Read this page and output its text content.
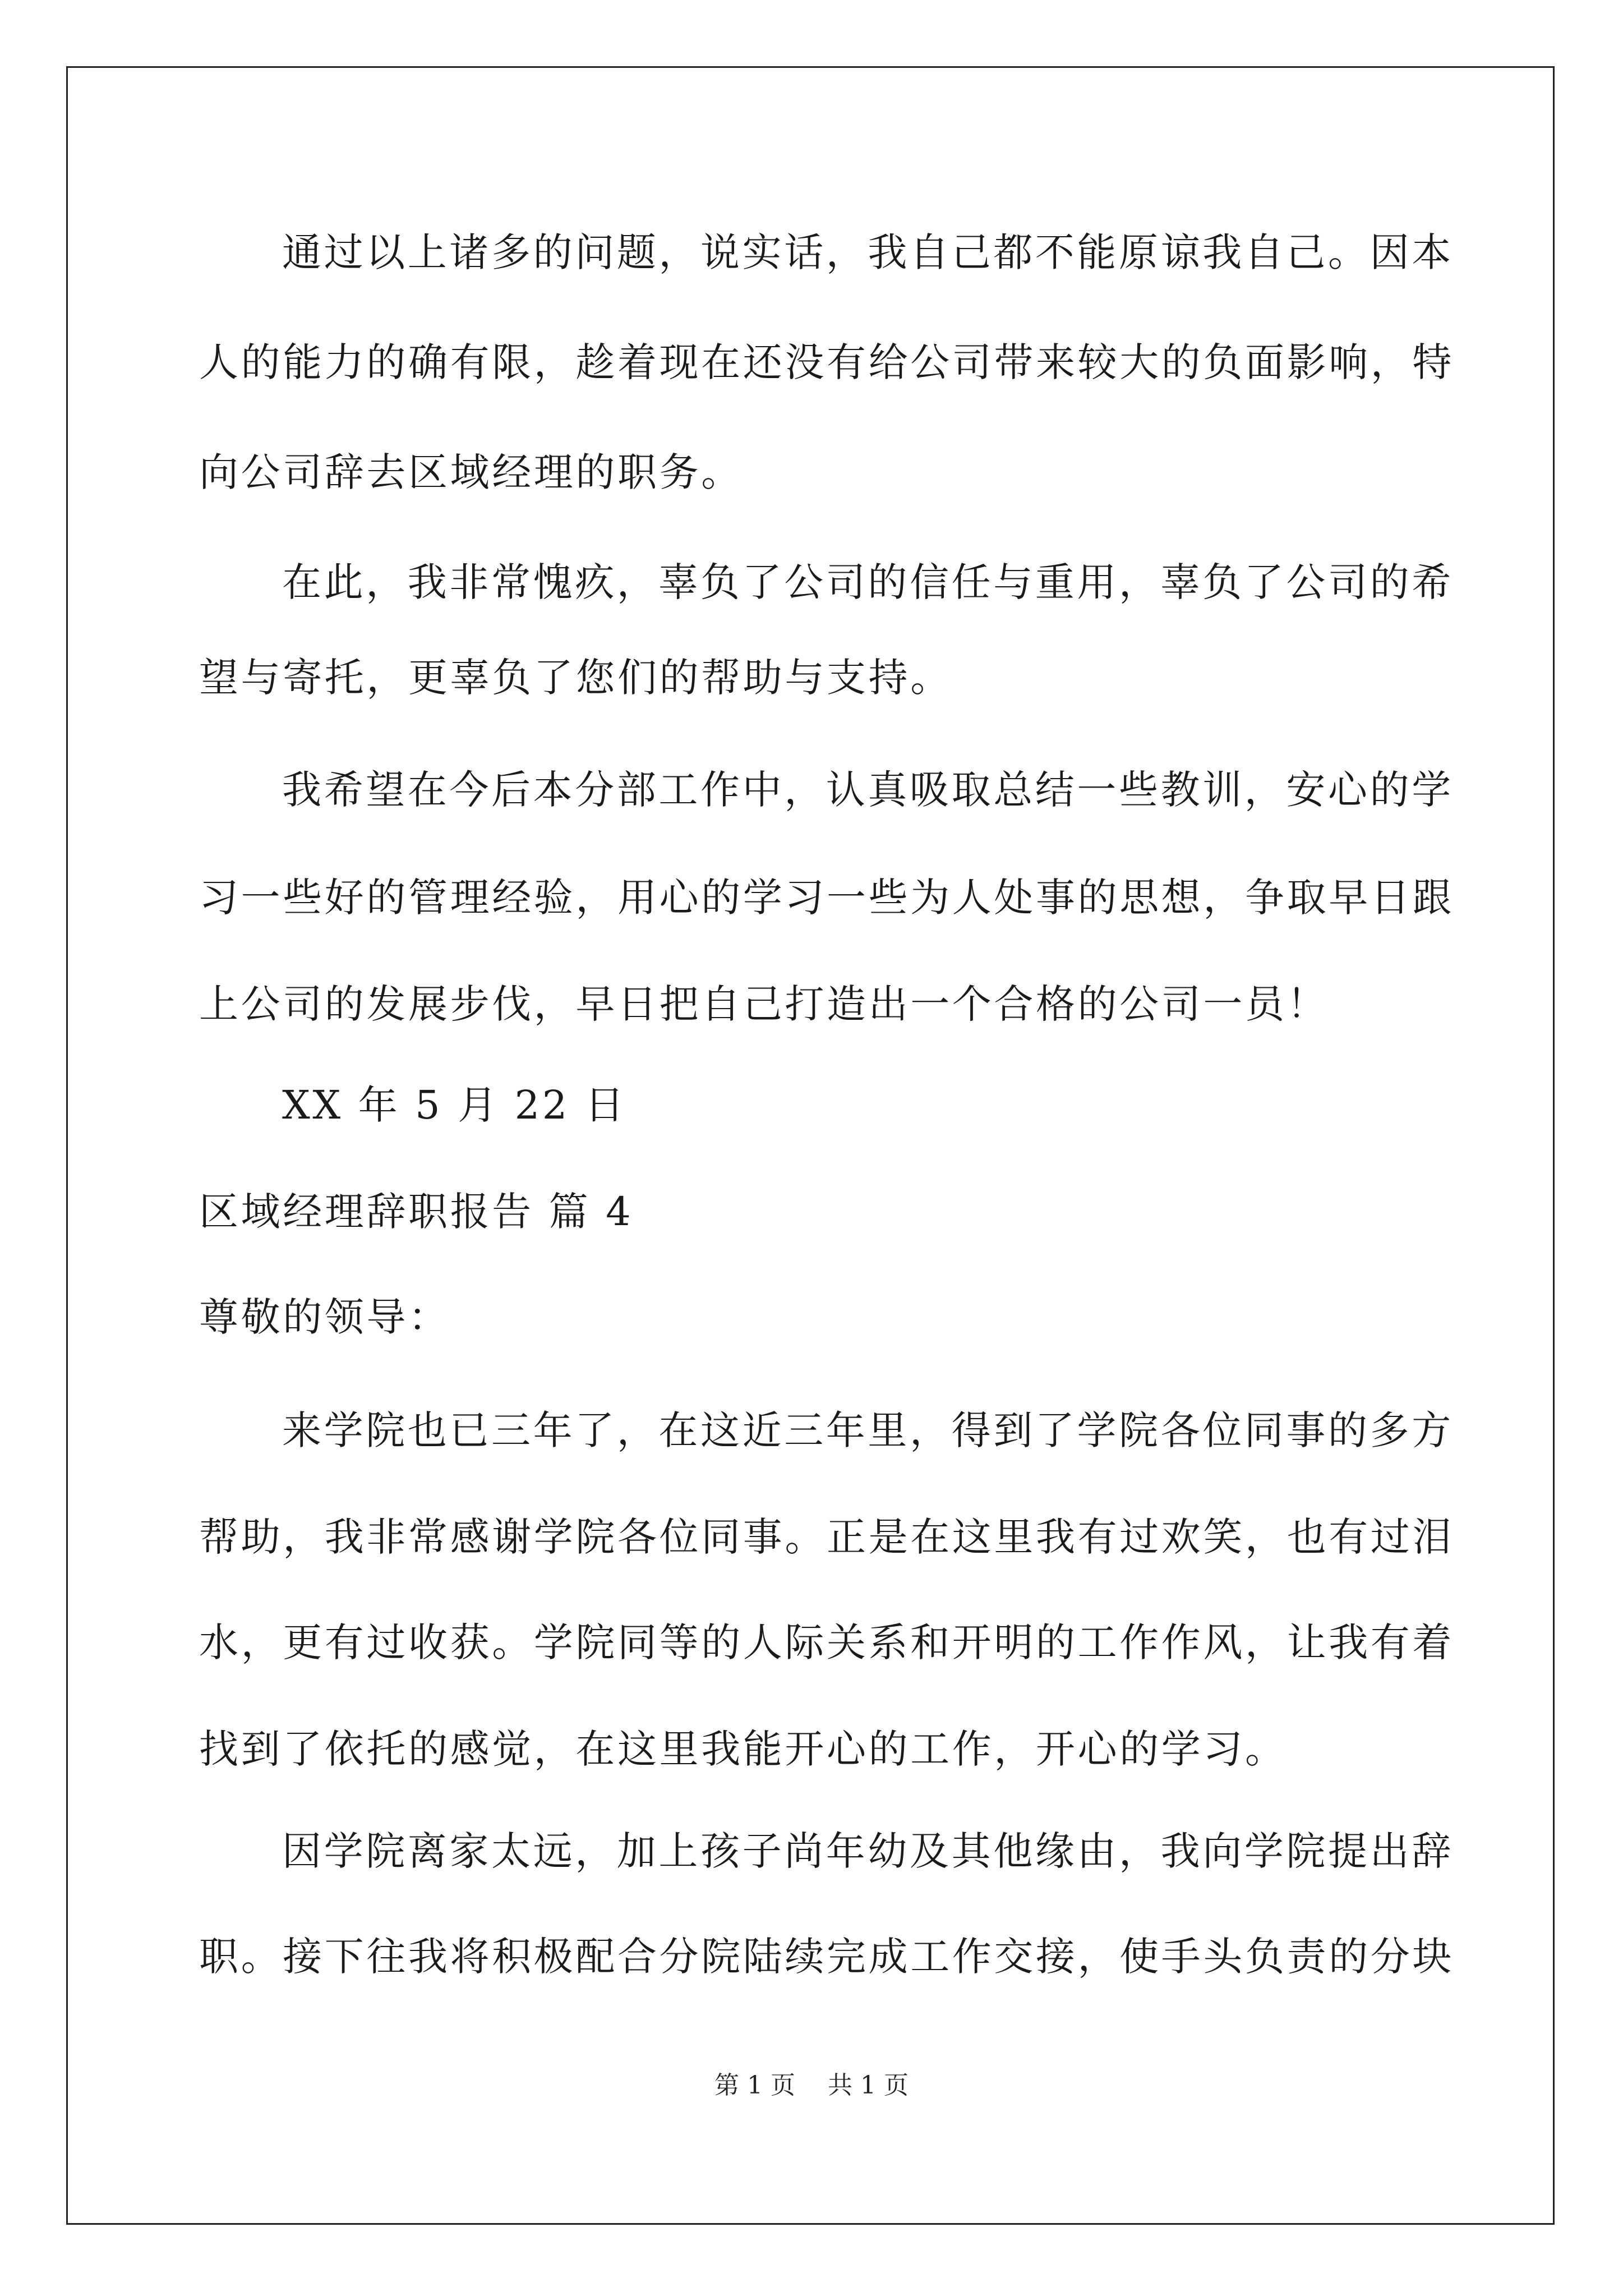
通过以上诸多的问题，说实话，我自己都不能原谅我自己。因本
人的能力的确有限，趁着现在还没有给公司带来较大的负面影响，特
向公司辞去区域经理的职务。
在此，我非常愧疚，辜负了公司的信任与重用，辜负了公司的希
望与寄托，更辜负了您们的帮助与支持。
我希望在今后本分部工作中，认真吸取总结一些教训，安心的学
习一些好的管理经验，用心的学习一些为人处事的思想，争取早日跟
上公司的发展步伐，早日把自己打造出一个合格的公司一员！
XX 年 5 月 22 日
区域经理辞职报告 篇 4
尊敬的领导：
来学院也已三年了，在这近三年里，得到了学院各位同事的多方
帮助，我非常感谢学院各位同事。正是在这里我有过欢笑，也有过泪
水，更有过收获。学院同等的人际关系和开明的工作作风，让我有着
找到了依托的感觉，在这里我能开心的工作，开心的学习。
因学院离家太远，加上孩子尚年幼及其他缘由，我向学院提出辞
职。接下往我将积极配合分院陆续完成工作交接，使手头负责的分块
第 1 页　 共 1 页
